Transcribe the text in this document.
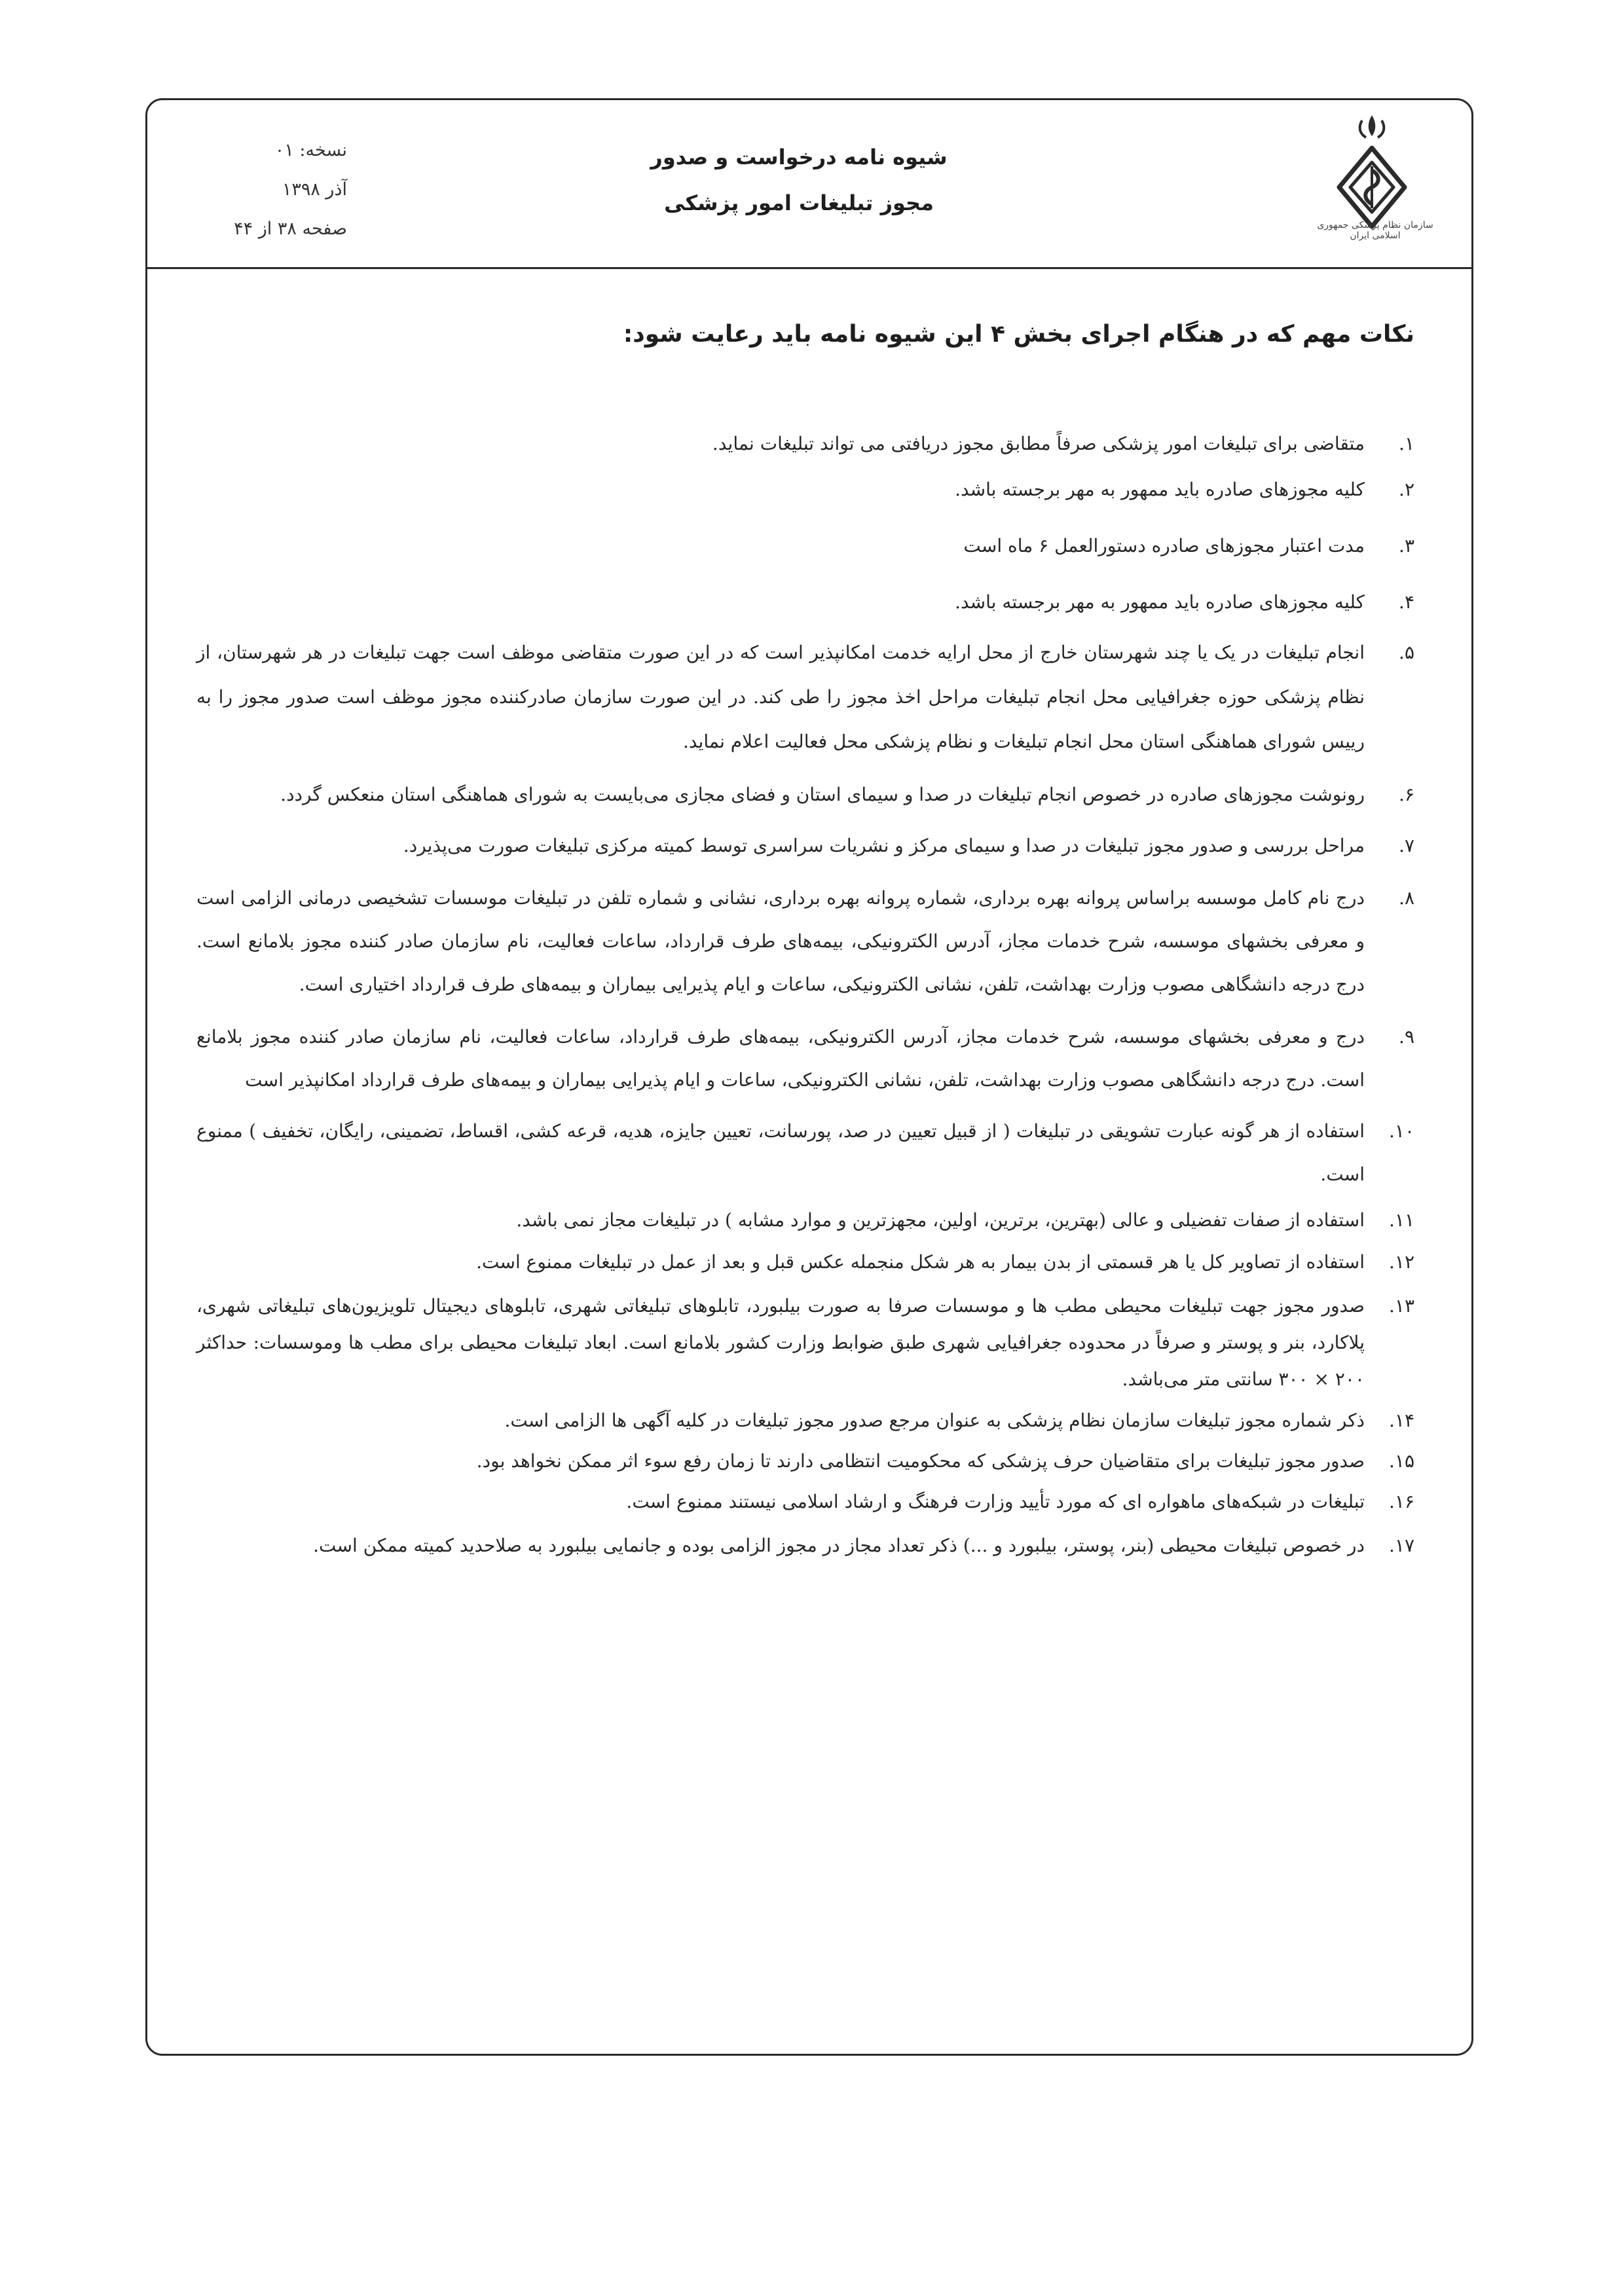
سازمان نظام پزشکی جمهوری اسلامی ایران
شیوه نامه درخواست و صدور
مجوز تبلیغات امور پزشکی
نسخه: ۰۱
آذر ۱۳۹۸
صفحه ۳۸ از ۴۴
نکات مهم که در هنگام اجرای بخش ۴ این شیوه نامه باید رعایت شود:
۱.
متقاضی برای تبلیغات امور پزشکی صرفاً مطابق مجوز دریافتی می تواند تبلیغات نماید.
۲.
کلیه مجوزهای صادره باید ممهور به مهر برجسته باشد.
۳.
مدت اعتبار مجوزهای صادره دستورالعمل ۶ ماه است
۴.
کلیه مجوزهای صادره باید ممهور به مهر برجسته باشد.
۵.
انجام تبلیغات در یک یا چند شهرستان خارج از محل ارایه خدمت امکانپذیر است که در این صورت متقاضی موظف است جهت تبلیغات در هر شهرستان، از نظام پزشکی حوزه جغرافیایی محل انجام تبلیغات مراحل اخذ مجوز را طی کند. در این صورت سازمان صادرکننده مجوز موظف است صدور مجوز را به رییس شورای هماهنگی استان محل انجام تبلیغات و نظام پزشکی محل فعالیت اعلام نماید.
۶.
رونوشت مجوزهای صادره در خصوص انجام تبلیغات در صدا و سیمای استان و فضای مجازی می‌بایست به شورای هماهنگی استان منعکس گردد.
۷.
مراحل بررسی و صدور مجوز تبلیغات در صدا و سیمای مرکز و نشریات سراسری توسط کمیته مرکزی تبلیغات صورت می‌پذیرد.
۸.
درج نام کامل موسسه براساس پروانه بهره برداری، شماره پروانه بهره برداری، نشانی و شماره تلفن در تبلیغات موسسات تشخیصی درمانی الزامی است و معرفی بخشهای موسسه، شرح خدمات مجاز، آدرس الکترونیکی، بیمه‌های طرف قرارداد، ساعات فعالیت، نام سازمان صادر کننده مجوز بلامانع است. درج درجه دانشگاهی مصوب وزارت بهداشت، تلفن، نشانی الکترونیکی، ساعات و ایام پذیرایی بیماران و بیمه‌های طرف قرارداد اختیاری است.
۹.
درج و معرفی بخشهای موسسه، شرح خدمات مجاز، آدرس الکترونیکی، بیمه‌های طرف قرارداد، ساعات فعالیت، نام سازمان صادر کننده مجوز بلامانع است. درج درجه دانشگاهی مصوب وزارت بهداشت، تلفن، نشانی الکترونیکی، ساعات و ایام پذیرایی بیماران و بیمه‌های طرف قرارداد امکانپذیر است
۱۰.
استفاده از هر گونه عبارت تشویقی در تبلیغات ( از قبیل تعیین در صد، پورسانت، تعیین جایزه، هدیه، قرعه کشی، اقساط، تضمینی، رایگان، تخفیف ) ممنوع است.
۱۱.
استفاده از صفات تفضیلی و عالی (بهترین، برترین، اولین، مجهزترین و موارد مشابه ) در تبلیغات مجاز نمی باشد.
۱۲.
استفاده از تصاویر کل یا هر قسمتی از بدن بیمار به هر شکل منجمله عکس قبل و بعد از عمل در تبلیغات ممنوع است.
۱۳.
صدور مجوز جهت تبلیغات محیطی مطب ها و موسسات صرفا به صورت بیلبورد، تابلوهای تبلیغاتی شهری، تابلوهای دیجیتال تلویزیون‌های تبلیغاتی شهری، پلاکارد، بنر و پوستر و صرفاً در محدوده جغرافیایی شهری طبق ضوابط وزارت کشور بلامانع است. ابعاد تبلیغات محیطی برای مطب ها وموسسات: حداکثر ۲۰۰ × ۳۰۰ سانتی متر می‌باشد.
۱۴.
ذکر شماره مجوز تبلیغات سازمان نظام پزشکی به عنوان مرجع صدور مجوز تبلیغات در کلیه آگهی ها الزامی است.
۱۵.
صدور مجوز تبلیغات برای متقاضیان حرف پزشکی که محکومیت انتظامی دارند تا زمان رفع سوء اثر ممکن نخواهد بود.
۱۶.
تبلیغات در شبکه‌های ماهواره ای که مورد تأیید وزارت فرهنگ و ارشاد اسلامی نیستند ممنوع است.
۱۷.
در خصوص تبلیغات محیطی (بنر، پوستر، بیلبورد و ...) ذکر تعداد مجاز در مجوز الزامی بوده و جانمایی بیلبورد به صلاحدید کمیته ممکن است.
